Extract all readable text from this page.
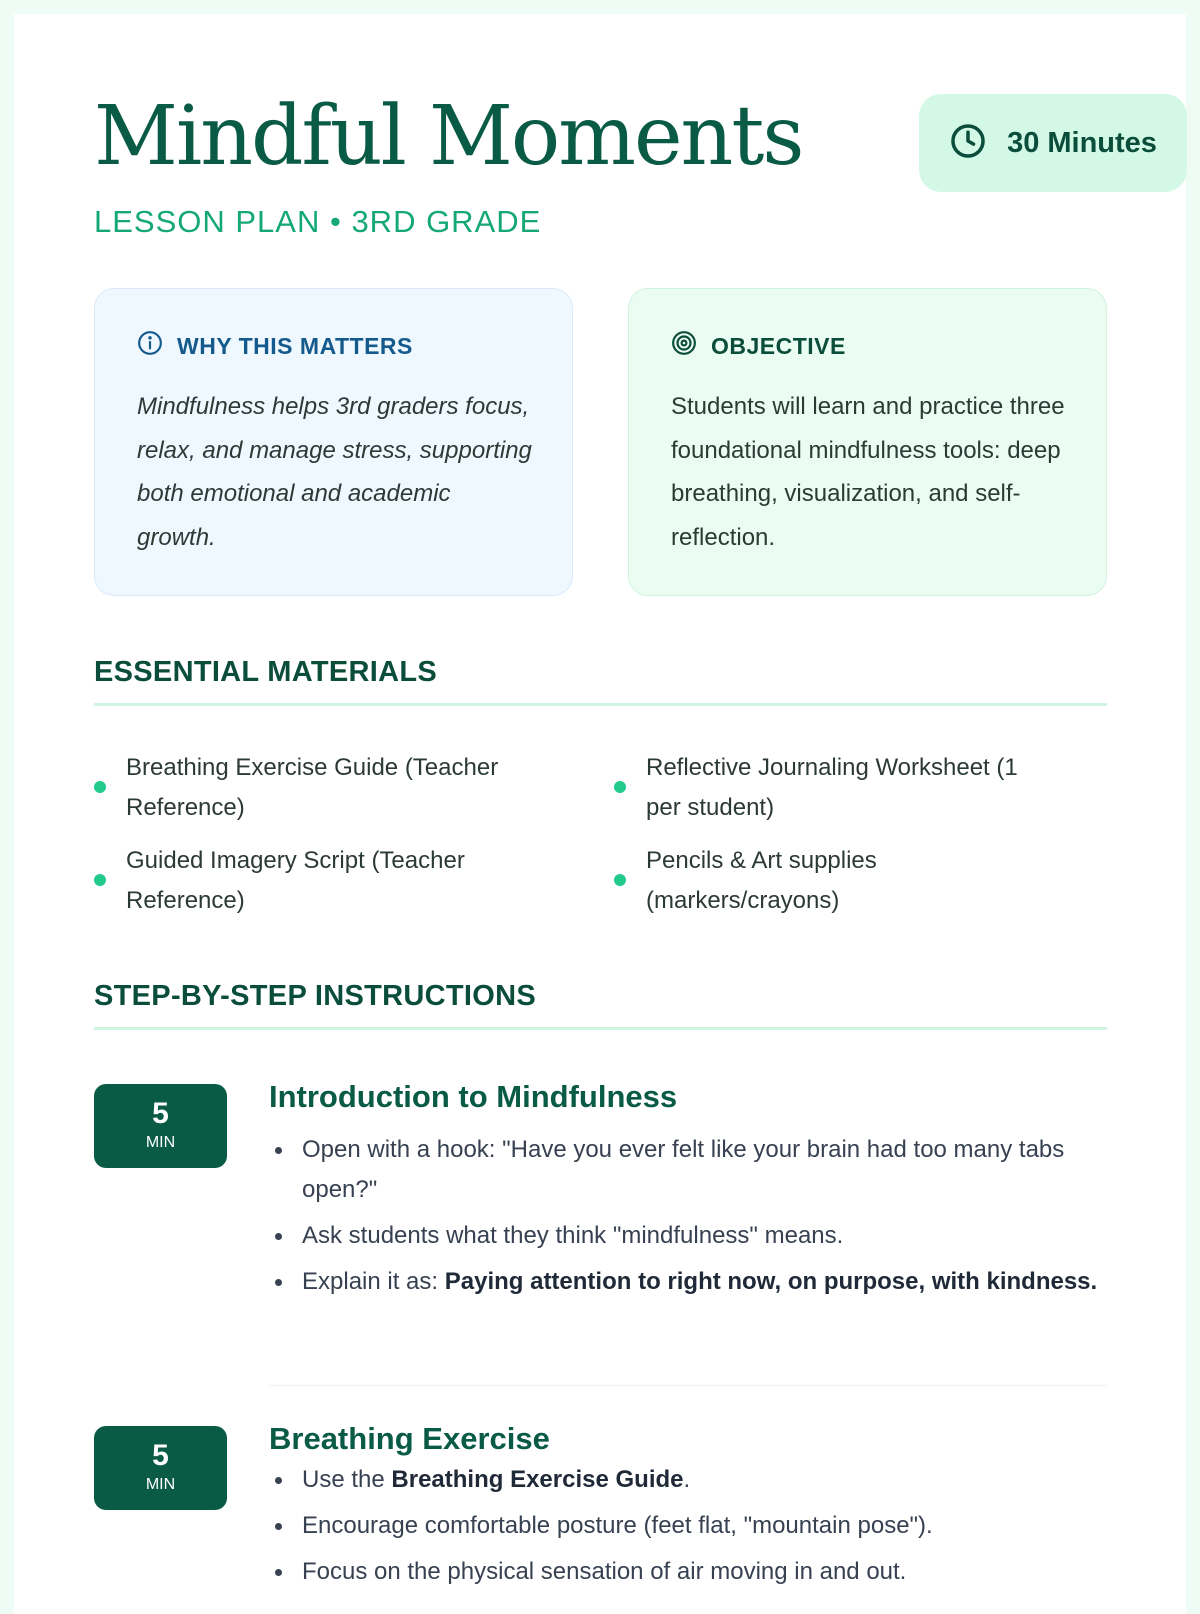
Mindful Moments
LESSON PLAN • 3RD GRADE
30 Minutes
WHY THIS MATTERS
Mindfulness helps 3rd graders focus, relax, and manage stress, supporting both emotional and academic growth.
OBJECTIVE
Students will learn and practice three foundational mindfulness tools: deep breathing, visualization, and self-reflection.
ESSENTIAL MATERIALS
Breathing Exercise Guide (Teacher Reference)
Reflective Journaling Worksheet (1 per student)
Guided Imagery Script (Teacher Reference)
Pencils & Art supplies (markers/crayons)
STEP-BY-STEP INSTRUCTIONS
5
MIN
Introduction to Mindfulness
Open with a hook: "Have you ever felt like your brain had too many tabs open?"
Ask students what they think "mindfulness" means.
Explain it as: Paying attention to right now, on purpose, with kindness.
5
MIN
Breathing Exercise
Use the Breathing Exercise Guide.
Encourage comfortable posture (feet flat, "mountain pose").
Focus on the physical sensation of air moving in and out.
